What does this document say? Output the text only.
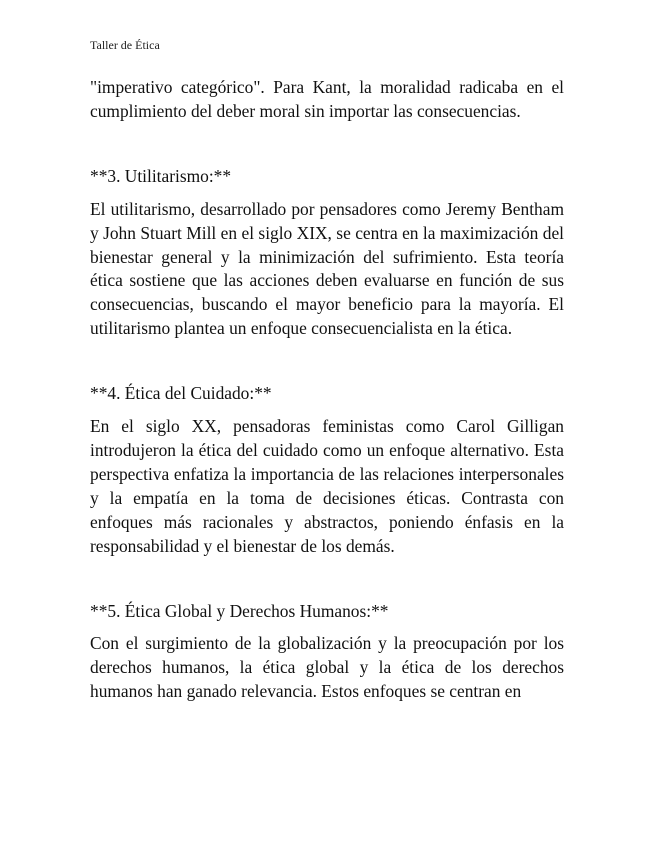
Taller de Ética

"imperativo categórico". Para Kant, la moralidad radicaba en el cumplimiento del deber moral sin importar las consecuencias.

**3. Utilitarismo:**

El utilitarismo, desarrollado por pensadores como Jeremy Bentham y John Stuart Mill en el siglo XIX, se centra en la maximización del bienestar general y la minimización del sufrimiento. Esta teoría ética sostiene que las acciones deben evaluarse en función de sus consecuencias, buscando el mayor beneficio para la mayoría. El utilitarismo plantea un enfoque consecuencialista en la ética.

**4. Ética del Cuidado:**

En el siglo XX, pensadoras feministas como Carol Gilligan introdujeron la ética del cuidado como un enfoque alternativo. Esta perspectiva enfatiza la importancia de las relaciones interpersonales y la empatía en la toma de decisiones éticas. Contrasta con enfoques más racionales y abstractos, poniendo énfasis en la responsabilidad y el bienestar de los demás.

**5. Ética Global y Derechos Humanos:**

Con el surgimiento de la globalización y la preocupación por los derechos humanos, la ética global y la ética de los derechos humanos han ganado relevancia. Estos enfoques se centran en
